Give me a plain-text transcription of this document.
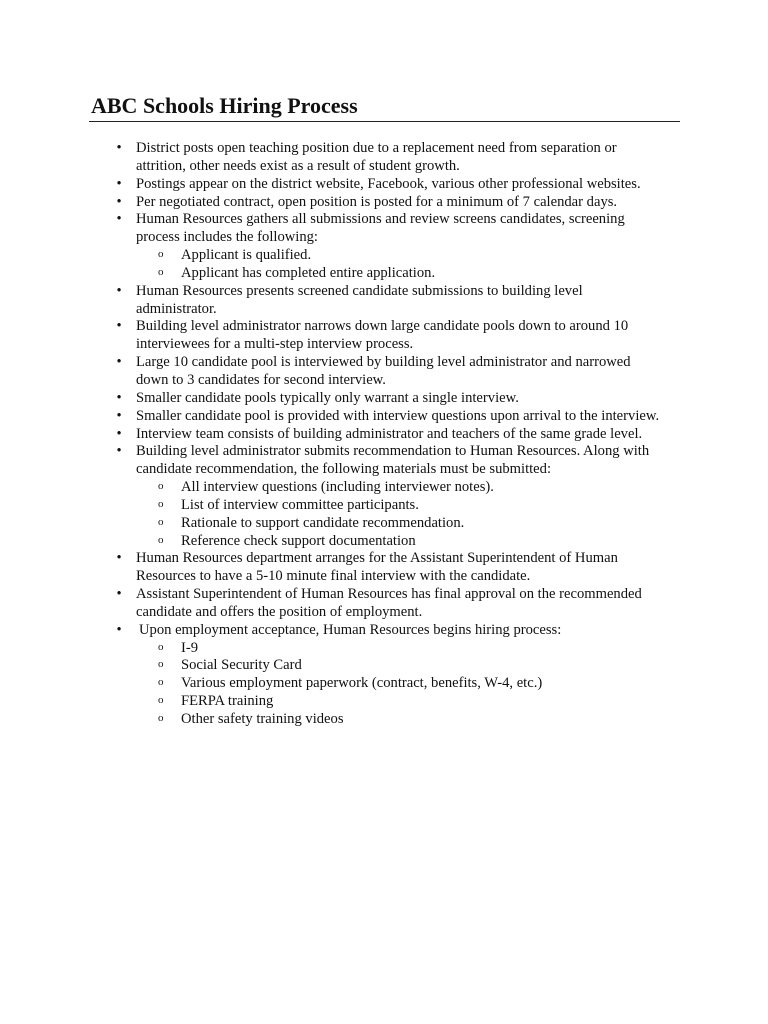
ABC Schools Hiring Process
• District posts open teaching position due to a replacement need from separation or
attrition, other needs exist as a result of student growth.
• Postings appear on the district website, Facebook, various other professional websites.
• Per negotiated contract, open position is posted for a minimum of 7 calendar days.
• Human Resources gathers all submissions and review screens candidates, screening
process includes the following:
o Applicant is qualified.
o Applicant has completed entire application.
• Human Resources presents screened candidate submissions to building level
administrator.
• Building level administrator narrows down large candidate pools down to around 10
interviewees for a multi-step interview process.
• Large 10 candidate pool is interviewed by building level administrator and narrowed
down to 3 candidates for second interview.
• Smaller candidate pools typically only warrant a single interview.
• Smaller candidate pool is provided with interview questions upon arrival to the interview.
• Interview team consists of building administrator and teachers of the same grade level.
• Building level administrator submits recommendation to Human Resources. Along with
candidate recommendation, the following materials must be submitted:
o All interview questions (including interviewer notes).
o List of interview committee participants.
o Rationale to support candidate recommendation.
o Reference check support documentation
• Human Resources department arranges for the Assistant Superintendent of Human
Resources to have a 5-10 minute final interview with the candidate.
• Assistant Superintendent of Human Resources has final approval on the recommended
candidate and offers the position of employment.
•	Upon employment acceptance, Human Resources begins hiring process:
o I-9
o Social Security Card
o Various employment paperwork (contract, benefits, W-4, etc.)
o FERPA training
o Other safety training videos
